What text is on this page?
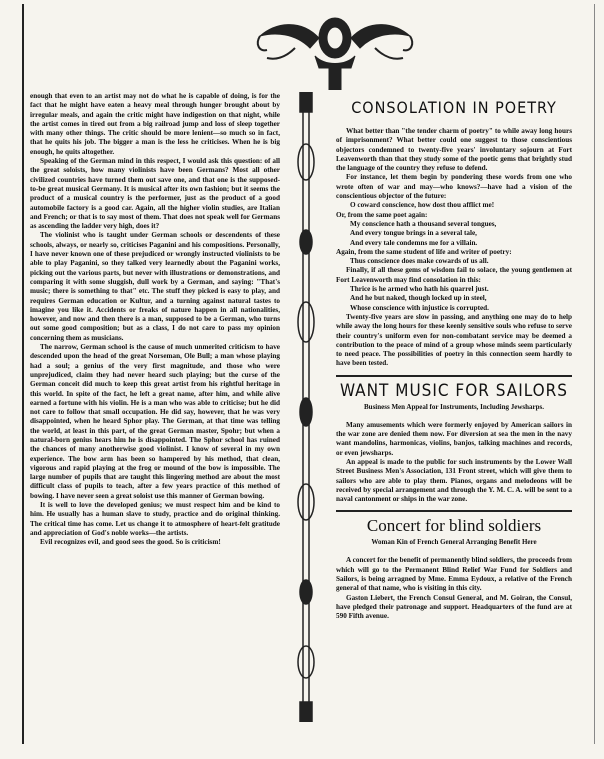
enough that even to an artist may not do what he is capable of doing, is for the fact that he might have eaten a heavy meal through hunger brought about by irregular meals, and again the critic might have indigestion on that night, while the artist comes in tired out from a big railroad jump and loss of sleep together with many other things. The critic should be more lenient—so much so in fact, that he quits his job. The bigger a man is the less he criticises. When he is big enough, he quits altogether.

Speaking of the German mind in this respect, I would ask this question: of all the great soloists, how many violinists have been Germans? Most all other civilized countries have turned them out save one, and that one is the supposed-to-be great musical Germany. It is musical after its own fashion; but it seems the product of a musical country is the performer, just as the product of a good automobile factory is a good car. Again, all the higher violin studies, are Italian and French; or that is to say most of them. That does not speak well for Germans as ascending the ladder very high, does it?

The violinist who is taught under German schools or descendents of these schools, always, or nearly so, criticises Paganini and his compositions. Personally, I have never known one of these prejudiced or wrongly instructed violinists to be able to play Paganini, so they talked very learnedly about the Paganini works, picking out the various parts, but never with illustrations or demonstrations, and comparing it with some sluggish, dull work by a German, and saying: "That's music; there is something to that" etc. The stuff they picked is easy to play, and requires German education or Kultur, and a turning against natural tastes to imagine you like it. Accidents or freaks of nature happen in all nationalities, however, and now and then there is a man, supposed to be a German, who turns out some good composition; but as a class, I do not care to pass my opinion concerning them as musicians.

The narrow, German school is the cause of much unmerited criticism to have descended upon the head of the great Norseman, Ole Bull; a man whose playing had a soul; a genius of the very first magnitude, and those who were unprejudiced, claim they had never heard such playing; but the curse of the German conceit did much to keep this great artist from his rightful heritage in this world. In spite of the fact, he left a great name, after him, and while alive earned a fortune with his violin. He is a man who was able to criticise; but he did not care to follow that small occupation. He did say, however, that he was very disappointed, when he heard Sphor play. The German, at that time was telling the world, at least in this part, of the great German master, Spohr; but when a natural-born genius hears him he is disappointed. The Sphor school has ruined the chances of many anotherwise good violinist. I know of several in my own experience. The bow arm has been so hampered by his method, that clean, vigorous and rapid playing at the frog or mound of the bow is impossible. The large number of pupils that are taught this lingering method are about the most difficult class of pupils to teach, after a few years practice of this method of bowing. I have never seen a great soloist use this manner of German bowing.

It is well to love the developed genius; we must respect him and be kind to him. He usually has a human slave to study, practice and do original thinking. The critical time has come. Let us change it to atmosphere of heart-felt gratitude and appreciation of God's noble works—the artists.

Evil recognizes evil, and good sees the good. So is criticism!

CONSOLATION IN POETRY

What better than "the tender charm of poetry" to while away long hours of imprisonment? What better could one suggest to those conscientious objectors condemned to twenty-five years' involuntary sojourn at Fort Leavenworth than that they study some of the poetic gems that brightly stud the language of the country they refuse to defend.

For instance, let them begin by pondering these words from one who wrote often of war and may—who knows?—have had a vision of the conscientious objector of the future:

O coward conscience, how dost thou afflict me!

Or, from the same poet again:

My conscience hath a thousand several tongues,

And every tongue brings in a several tale,

And every tale condemns me for a villain.

Again, from the same student of life and writer of poetry:

Thus conscience does make cowards of us all.

Finally, if all these gems of wisdom fail to solace, the young gentlemen at Fort Leavenworth may find consolation in this:

Thrice is he armed who hath his quarrel just.

And he but naked, though locked up in steel,

Whose conscience with injustice is corrupted.

Twenty-five years are slow in passing, and anything one may do to help while away the long hours for these keenly sensitive souls who refuse to serve their country's uniform even for non-combatant service may be deemed a contribution to the peace of mind of a group whose minds seem particularly to need peace. The possibilities of poetry in this connection seem hardly to have been tested.

WANT MUSIC FOR SAILORS
Business Men Appeal for Instruments, Including Jewsharps.

Many amusements which were formerly enjoyed by American sailors in the war zone are denied them now. For diversion at sea the men in the navy want mandolins, harmonicas, violins, banjos, talking machines and records, or even jewsharps.

An appeal is made to the public for such instruments by the Lower Wall Street Business Men's Association, 131 Front street, which will give them to sailors who are able to play them. Pianos, organs and melodeons will be received by special arrangement and through the Y. M. C. A. will be sent to a naval cantonment or ships in the war zone.

Concert for blind soldiers
Woman Kin of French General Arranging Benefit Here

A concert for the benefit of permanently blind soldiers, the proceeds from which will go to the Permanent Blind Relief War Fund for Soldiers and Sailors, is being arragned by Mme. Emma Eydoux, a relative of the French general of that name, who is visiting in this city.

Gaston Liebert, the French Consul General, and M. Goiran, the Consul, have pledged their patronage and support. Headquarters of the fund are at 590 Fifth avenue.
